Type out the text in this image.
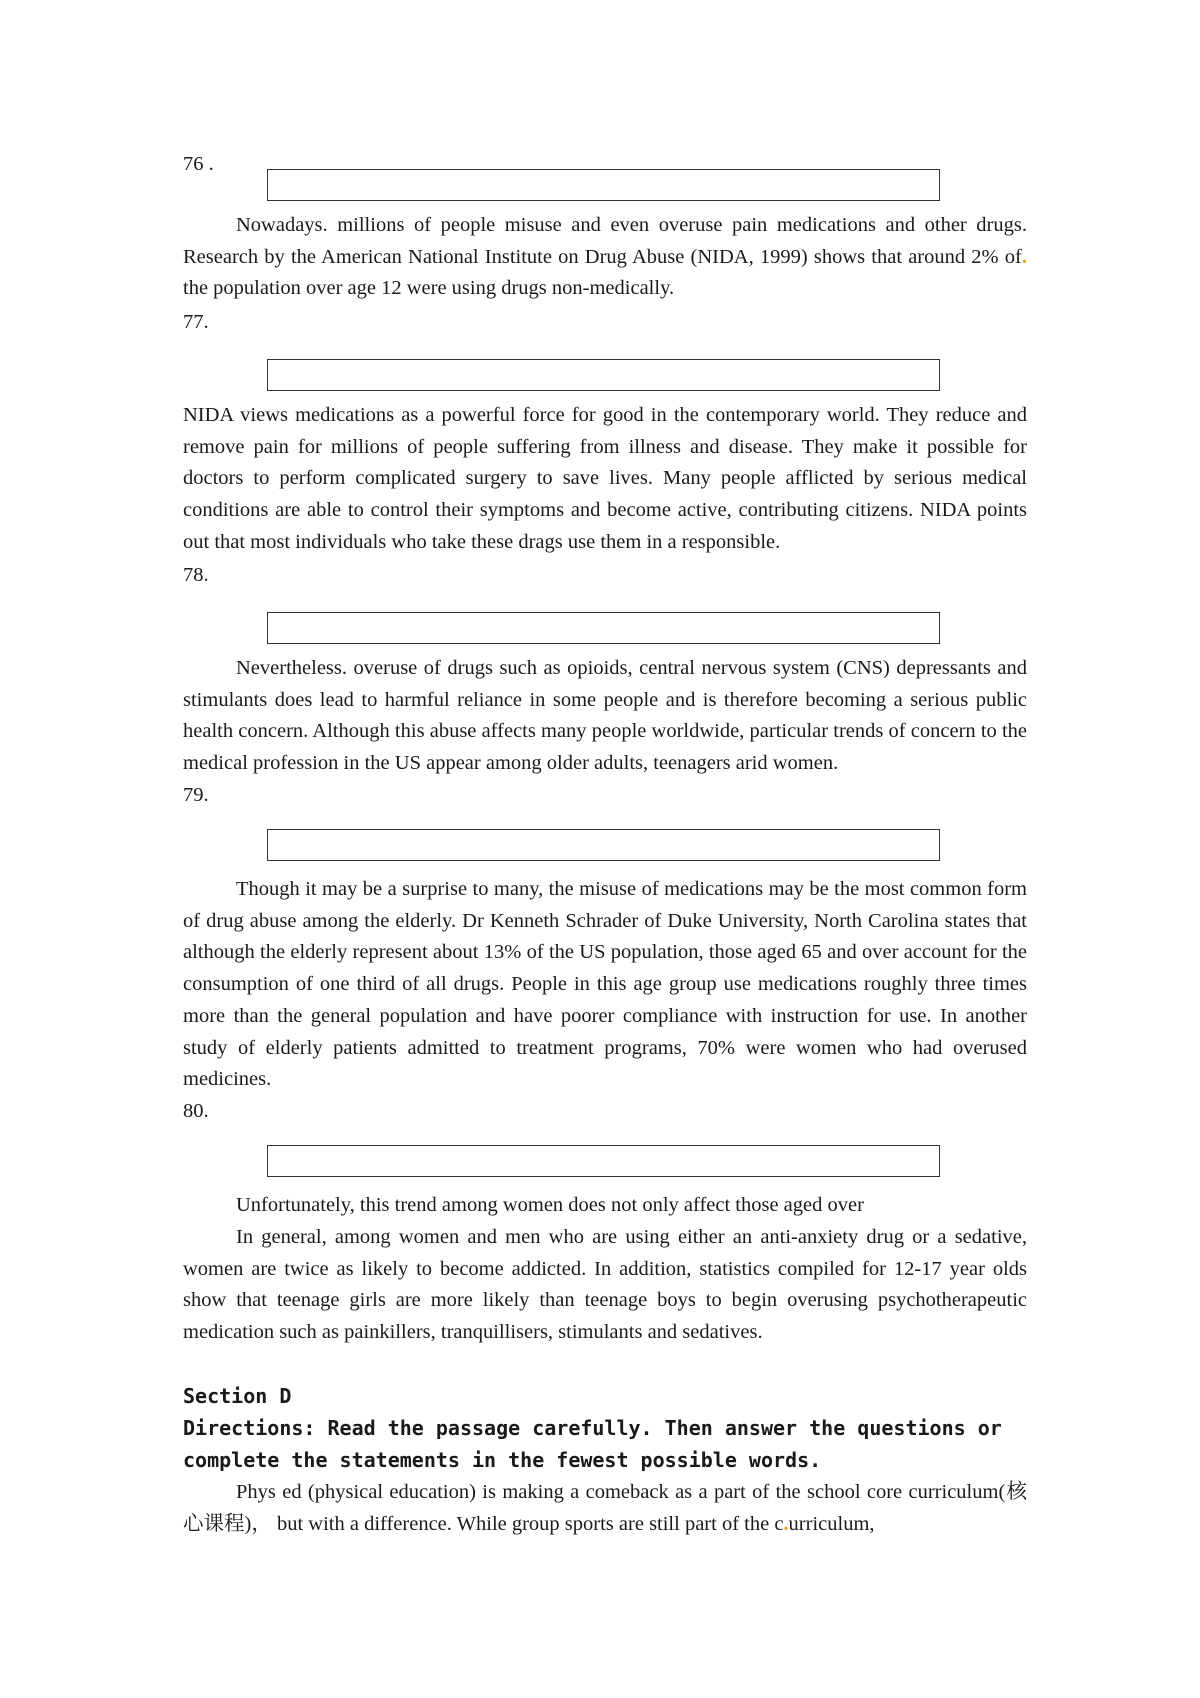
76 .

Nowadays. millions of people misuse and even overuse pain medications and other drugs. Research by the American National Institute on Drug Abuse (NIDA, 1999) shows that around 2% of. the population over age 12 were using drugs non-medically.

77.

NIDA views medications as a powerful force for good in the contemporary world. They reduce and remove pain for millions of people suffering from illness and disease. They make it possible for doctors to perform complicated surgery to save lives. Many people afflicted by serious medical conditions are able to control their symptoms and become active, contributing citizens. NIDA points out that most individuals who take these drags use them in a responsible.

78.

Nevertheless. overuse of drugs such as opioids, central nervous system (CNS) depressants and stimulants does lead to harmful reliance in some people and is therefore becoming a serious public health concern. Although this abuse affects many people worldwide, particular trends of concern to the medical profession in the US appear among older adults, teenagers arid women.

79.

Though it may be a surprise to many, the misuse of medications may be the most common form of drug abuse among the elderly. Dr Kenneth Schrader of Duke University, North Carolina states that although the elderly represent about 13% of the US population, those aged 65 and over account for the consumption of one third of all drugs. People in this age group use medications roughly three times more than the general population and have poorer compliance with instruction for use. In another study of elderly patients admitted to treatment programs, 70% were women who had overused medicines.

80.

Unfortunately, this trend among women does not only affect those aged over

In general, among women and men who are using either an anti-anxiety drug or a sedative, women are twice as likely to become addicted. In addition, statistics compiled for 12-17 year olds show that teenage girls are more likely than teenage boys to begin overusing psychotherapeutic medication such as painkillers, tranquillisers, stimulants and sedatives.

Section D

Directions: Read the passage carefully. Then answer the questions or complete the statements in the fewest possible words.

Phys ed (physical education) is making a comeback as a part of the school core curriculum(核心课程)， but with a difference. While group sports are still part of the c.urriculum,
